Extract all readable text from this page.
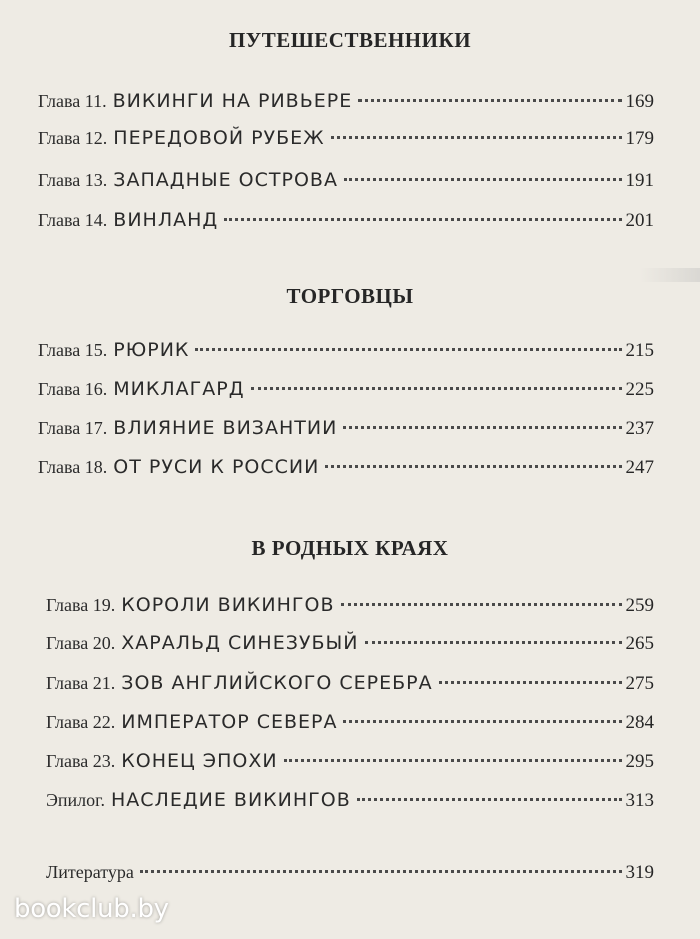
ПУТЕШЕСТВЕННИКИ
Глава 11. ВИКИНГИ НА РИВЬЕРЕ	169
Глава 12. ПЕРЕДОВОЙ РУБЕЖ	179
Глава 13. ЗАПАДНЫЕ ОСТРОВА	191
Глава 14. ВИНЛАНД	201
ТОРГОВЦЫ
Глава 15. РЮРИК	215
Глава 16. МИКЛАГАРД	225
Глава 17. ВЛИЯНИЕ ВИЗАНТИИ	237
Глава 18. ОТ РУСИ К РОССИИ	247
В РОДНЫХ КРАЯХ
Глава 19. КОРОЛИ ВИКИНГОВ	259
Глава 20. ХАРАЛЬД СИНЕЗУБЫЙ	265
Глава 21. ЗОВ АНГЛИЙСКОГО СЕРЕБРА	275
Глава 22. ИМПЕРАТОР СЕВЕРА	284
Глава 23. КОНЕЦ ЭПОХИ	295
Эпилог. НАСЛЕДИЕ ВИКИНГОВ	313
Литература	319
bookclub.by
